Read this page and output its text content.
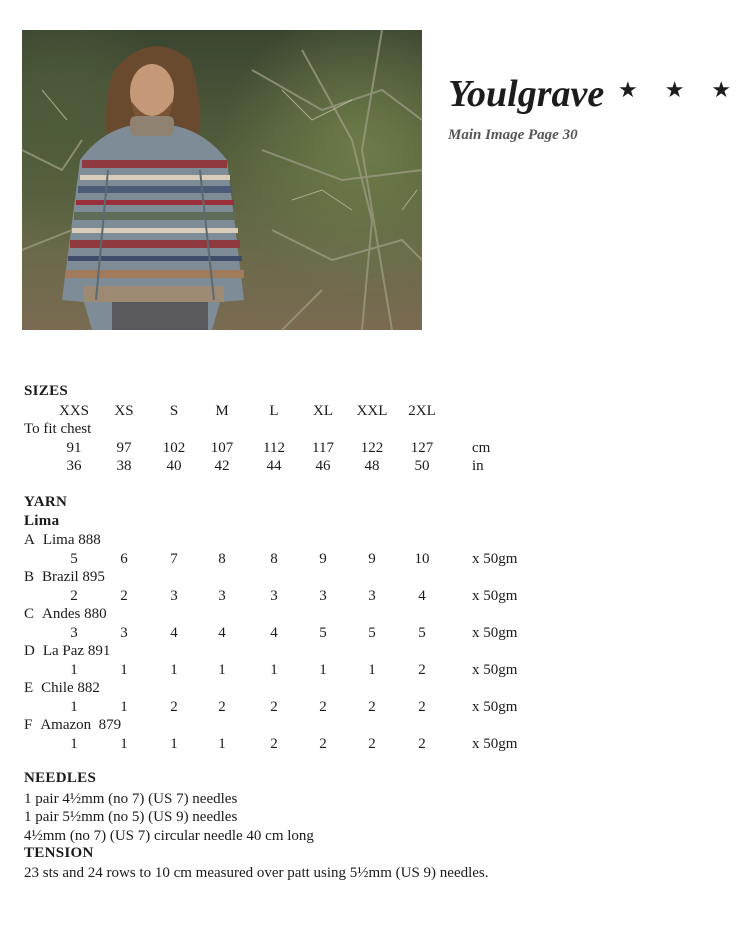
Youlgrave ★ ★ ★
Main Image Page 30
SIZES
XXS	XS	S	M	L	XL	XXL	2XL
To fit chest
91	97	102	107	112	117	122	127	cm
36	38	40	42	44	46	48	50	in
YARN
Lima
A Lima 888
5	6	7	8	8	9	9	10	x 50gm
B Brazil 895
2	2	3	3	3	3	3	4	x 50gm
C Andes 880
3	3	4	4	4	5	5	5	x 50gm
D La Paz 891
1	1	1	1	1	1	1	2	x 50gm
E Chile 882
1	1	2	2	2	2	2	2	x 50gm
F Amazon  879
1	1	1	1	2	2	2	2	x 50gm
NEEDLES
1 pair 4½mm (no 7) (US 7) needles
1 pair 5½mm (no 5) (US 9) needles
4½mm (no 7) (US 7) circular needle 40 cm long
TENSION
23 sts and 24 rows to 10 cm measured over patt using 5½mm (US 9) needles.
